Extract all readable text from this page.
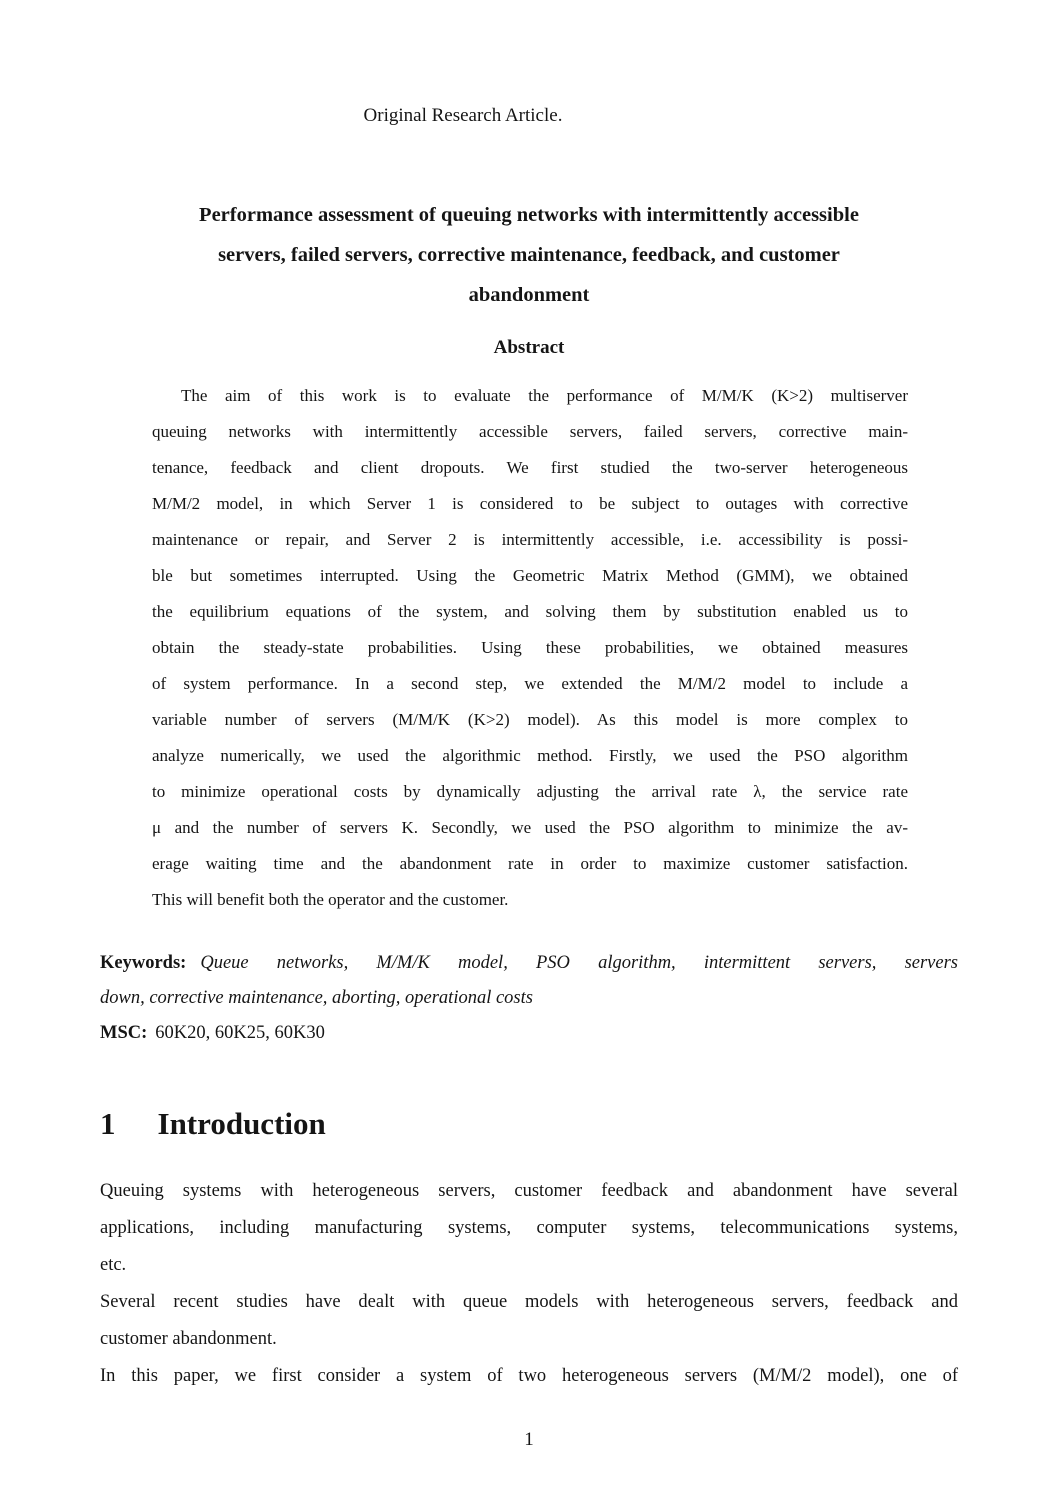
Original Research Article.
Performance assessment of queuing networks with intermittently accessible
servers, failed servers, corrective maintenance, feedback, and customer
abandonment
Abstract
The aim of this work is to evaluate the performance of M/M/K (K>2) multiserver
queuing networks with intermittently accessible servers, failed servers, corrective main-
tenance, feedback and client dropouts. We first studied the two-server heterogeneous
M/M/2 model, in which Server 1 is considered to be subject to outages with corrective
maintenance or repair, and Server 2 is intermittently accessible, i.e. accessibility is possi-
ble but sometimes interrupted. Using the Geometric Matrix Method (GMM), we obtained
the equilibrium equations of the system, and solving them by substitution enabled us to
obtain the steady-state probabilities. Using these probabilities, we obtained measures
of system performance. In a second step, we extended the M/M/2 model to include a
variable number of servers (M/M/K (K>2) model). As this model is more complex to
analyze numerically, we used the algorithmic method. Firstly, we used the PSO algorithm
to minimize operational costs by dynamically adjusting the arrival rate λ, the service rate
μ and the number of servers K. Secondly, we used the PSO algorithm to minimize the av-
erage waiting time and the abandonment rate in order to maximize customer satisfaction.
This will benefit both the operator and the customer.
Keywords: Queue networks, M/M/K model, PSO algorithm, intermittent servers, servers
down, corrective maintenance, aborting, operational costs
MSC: 60K20, 60K25, 60K30
1 Introduction
Queuing systems with heterogeneous servers, customer feedback and abandonment have several
applications, including manufacturing systems, computer systems, telecommunications systems,
etc.
Several recent studies have dealt with queue models with heterogeneous servers, feedback and
customer abandonment.
In this paper, we first consider a system of two heterogeneous servers (M/M/2 model), one of
1
